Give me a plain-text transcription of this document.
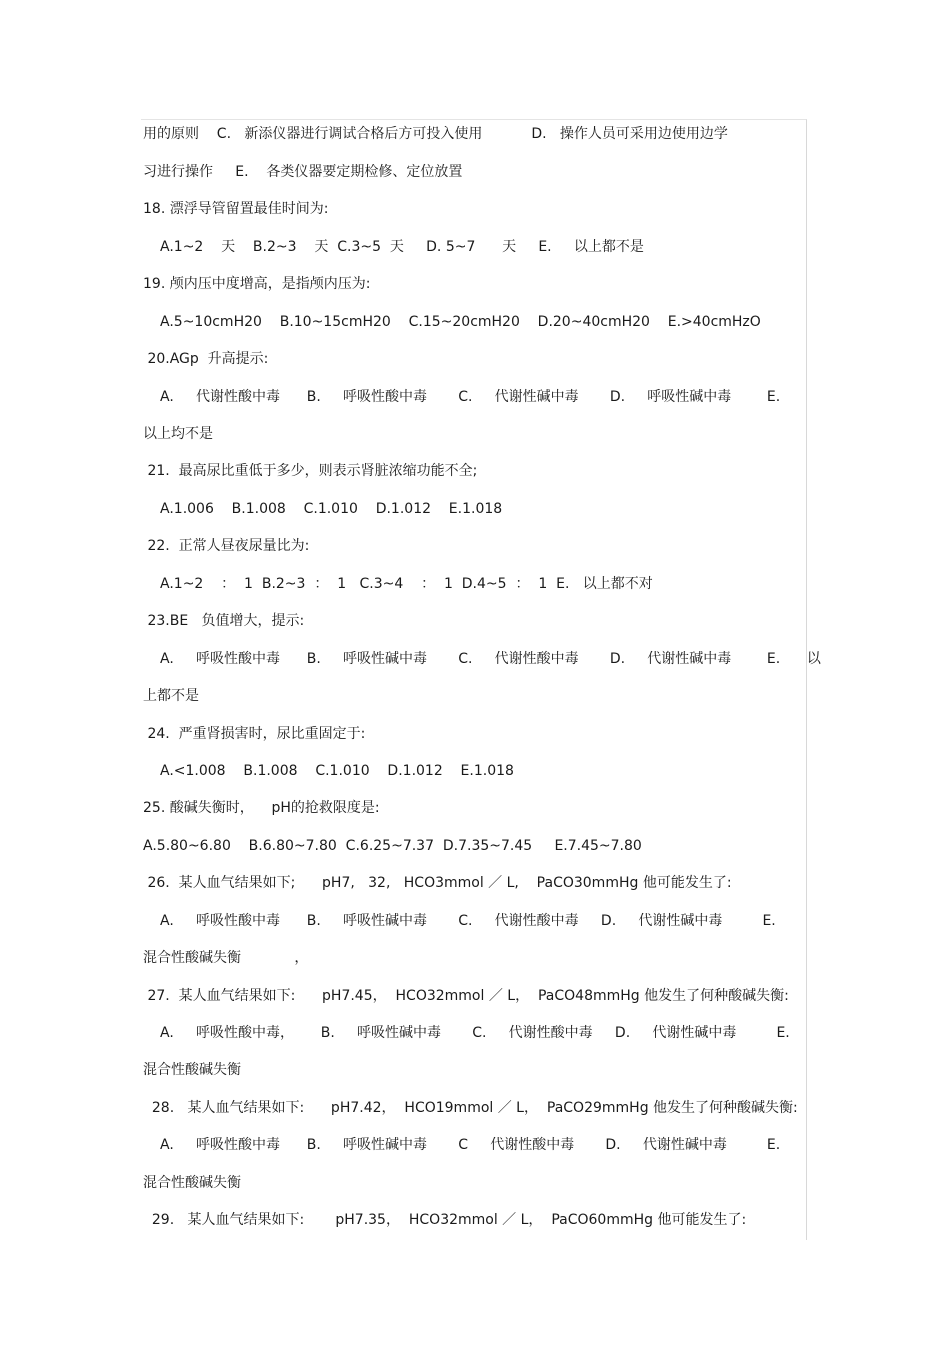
用的原则    C.   新添仪器进行调试合格后方可投入使用           D.   操作人员可采用边使用边学
习进行操作     E.    各类仪器要定期检修、定位放置
18. 漂浮导管留置最佳时间为:
A.1~2    天    B.2~3    天  C.3~5  天     D. 5~7      天     E.     以上都不是
19. 颅内压中度增高，是指颅内压为:
A.5~10cmH20    B.10~15cmH20    C.15~20cmH20    D.20~40cmH20    E.>40cmHzO
20.AGp  升高提示:
A.     代谢性酸中毒      B.     呼吸性酸中毒       C.     代谢性碱中毒       D.     呼吸性碱中毒        E.
以上均不是
21.  最高尿比重低于多少，则表示肾脏浓缩功能不全;
A.1.006    B.1.008    C.1.010    D.1.012    E.1.018
22.  正常人昼夜尿量比为:
A.1~2    ：  1  B.2~3  ：  1   C.3~4    ：  1  D.4~5  ：  1  E.   以上都不对
23.BE   负值增大，提示:
A.     呼吸性酸中毒      B.     呼吸性碱中毒       C.     代谢性酸中毒       D.     代谢性碱中毒        E.      以
上都不是
24.  严重肾损害时，尿比重固定于:
A.<1.008    B.1.008    C.1.010    D.1.012    E.1.018
25. 酸碱失衡时，    pH的抢救限度是:
A.5.80~6.80    B.6.80~7.80  C.6.25~7.37  D.7.35~7.45     E.7.45~7.80
26.  某人血气结果如下;      pH7,   32,   HCO3mmol ／ L,    PaCO30mmHg 他可能发生了:
A.     呼吸性酸中毒      B.     呼吸性碱中毒       C.     代谢性酸中毒     D.     代谢性碱中毒         E.
混合性酸碱失衡            ，
27.  某人血气结果如下:      pH7.45，  HCO32mmol ／ L，  PaCO48mmHg 他发生了何种酸碱失衡:
A.     呼吸性酸中毒，      B.     呼吸性碱中毒       C.     代谢性酸中毒     D.     代谢性碱中毒         E.
混合性酸碱失衡
28.   某人血气结果如下:      pH7.42，  HCO19mmol ／ L，  PaCO29mmHg 他发生了何种酸碱失衡:
A.     呼吸性酸中毒      B.     呼吸性碱中毒       C     代谢性酸中毒       D.     代谢性碱中毒         E.
混合性酸碱失衡
29.   某人血气结果如下:       pH7.35，  HCO32mmol ／ L，  PaCO60mmHg 他可能发生了:
